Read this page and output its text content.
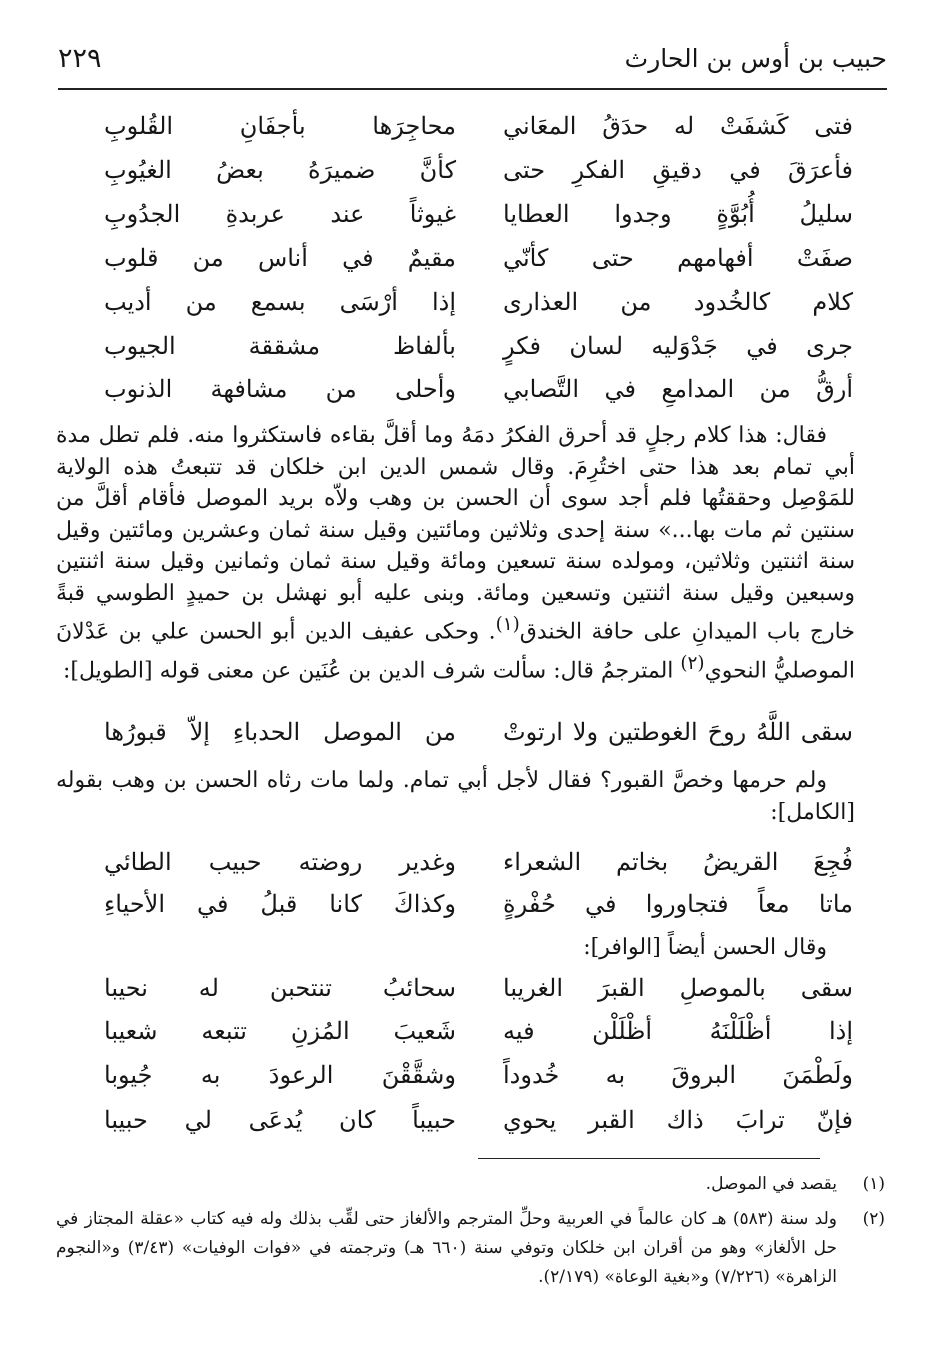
حبيب بن أوس بن الحارث
٢٢٩
فتى كَشفَتْ له حدَقُ المعَاني
محاجِرَها بأجفَانِ القُلوبِ
فأعرَقَ في دقيقِ الفكرِ حتى
كأنَّ ضميرَهُ بعضُ الغيُوبِ
سليلُ أُبُوَّةٍ وجدوا العطايا
غيوثاً عند عربدةِ الجدُوبِ
صفَتْ أفهامهم حتى كأنّي
مقيمٌ في أناس من قلوب
كلام كالخُدود من العذارى
إذا أرْسَى بسمع من أديب
جرى في جَدْوَليه لسان فكرٍ
بألفاظ مشققة الجيوب
أرقُّ من المدامعِ في التَّصابي
وأحلى من مشافهة الذنوب

فقال: هذا كلام رجلٍ قد أحرق الفكرُ دمَهُ وما أقلَّ بقاءه فاستكثروا منه. فلم تطل مدة أبي تمام بعد هذا حتى اختُرِمَ. وقال شمس الدين ابن خلكان قد تتبعتُ هذه الولاية للمَوْصِل وحققتُها فلم أجد سوى أن الحسن بن وهب ولاّه بريد الموصل فأقام أقلَّ من سنتين ثم مات بها...» سنة إحدى وثلاثين ومائتين وقيل سنة ثمان وعشرين ومائتين وقيل سنة اثنتين وثلاثين، ومولده سنة تسعين ومائة وقيل سنة ثمان وثمانين وقيل سنة اثنتين وسبعين وقيل سنة اثنتين وتسعين ومائة. وبنى عليه أبو نهشل بن حميدٍ الطوسي قبةً خارج باب الميدانِ على حافة الخندق$^{(١)}$. وحكى عفيف الدين أبو الحسن علي بن عَدْلانَ الموصليُّ النحوي$^{(٢)}$ المترجمُ قال: سألت شرف الدين بن عُنَين عن معنى قوله [الطويل]:

سقى اللَّهُ روحَ الغوطتين ولا ارتوتْ
من الموصل الحدباءِ إلاّ قبورُها

ولم حرمها وخصَّ القبور؟ فقال لأجل أبي تمام. ولما مات رثاه الحسن بن وهب بقوله [الكامل]:

فُجِعَ القريضُ بخاتم الشعراء
وغدير روضته حبيب الطائي
ماتا معاً فتجاوروا في حُفْرةٍ
وكذاكَ كانا قبلُ في الأحياءِ

وقال الحسن أيضاً [الوافر]:

سقى بالموصلِ القبرَ الغريبا
سحائبُ تنتحبن له نحيبا
إذا أظْلَلْنَهُ أظْلَلْن فيه
شَعيبَ المُزنِ تتبعه شعيبا
ولَطْمَنَ البروقَ به خُدوداً
وشقَّقْنَ الرعودَ به جُيوبا
فإنّ ترابَ ذاك القبر يحوي
حبيباً كان يُدعَى لي حبيبا
(١)
يقصد في الموصل.
(٢)
ولد سنة (٥٨٣) هـ كان عالماً في العربية وحلِّ المترجم والألغاز حتى لقِّب بذلك وله فيه كتاب «عقلة المجتاز في حل الألغاز» وهو من أقران ابن خلكان وتوفي سنة (٦٦٠ هـ) وترجمته في «فوات الوفيات» (٣/٤٣) و«النجوم الزاهرة» (٧/٢٢٦) و«بغية الوعاة» (٢/١٧٩).
